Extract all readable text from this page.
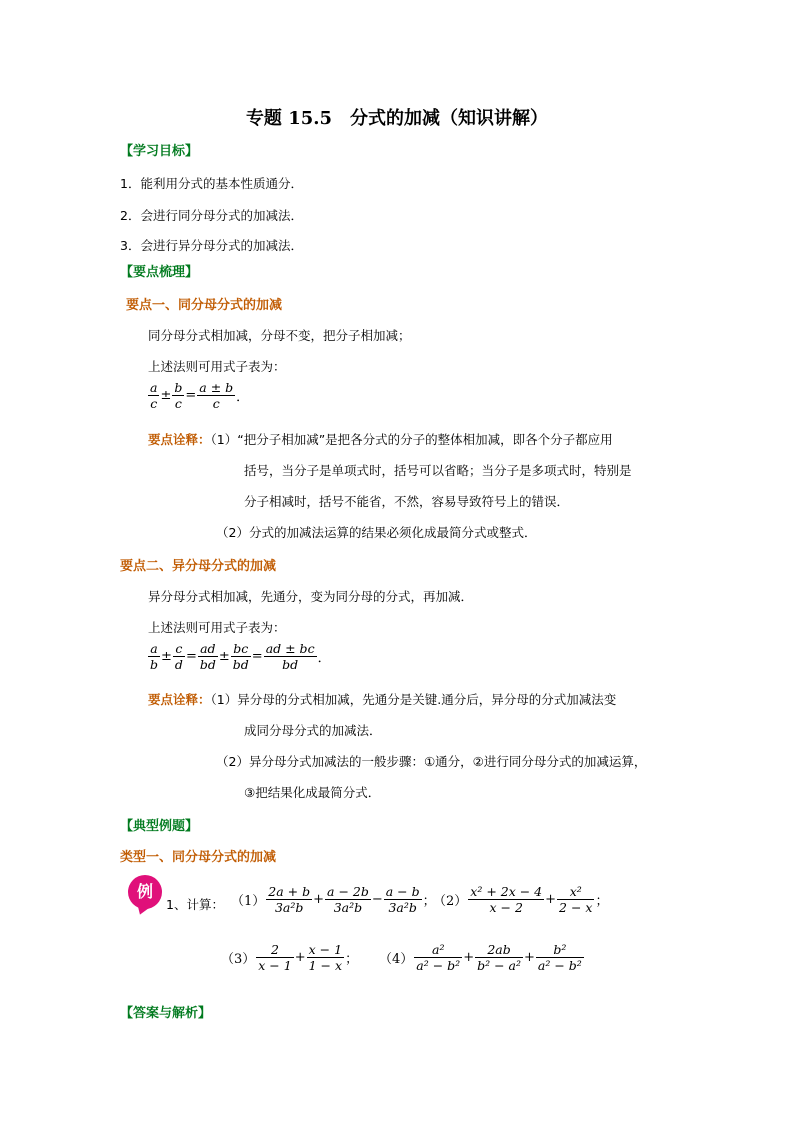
专题 15.5　分式的加减（知识讲解）
【学习目标】
1．能利用分式的基本性质通分．
2．会进行同分母分式的加减法．
3．会进行异分母分式的加减法．
【要点梳理】
要点一、同分母分式的加减
同分母分式相加减，分母不变，把分子相加减；
上述法则可用式子表为：
$\frac{a}{c} \pm \frac{b}{c} = \frac{a \pm b}{c}$ ．
要点诠释：（1）“把分子相加减”是把各分式的分子的整体相加减，即各个分子都应用
括号，当分子是单项式时，括号可以省略；当分子是多项式时，特别是
分子相减时，括号不能省，不然，容易导致符号上的错误．
（2）分式的加减法运算的结果必须化成最简分式或整式．
要点二、异分母分式的加减
异分母分式相加减，先通分，变为同分母的分式，再加减．
上述法则可用式子表为：
$\frac{a}{b} \pm \frac{c}{d} = \frac{ad}{bd} \pm \frac{bc}{bd} = \frac{ad \pm bc}{bd}$ ．
要点诠释：（1）异分母的分式相加减，先通分是关键.通分后，异分母的分式加减法变
成同分母分式的加减法．
（2）异分母分式加减法的一般步骤：①通分，②进行同分母分式的加减运算，
③把结果化成最简分式．
【典型例题】
类型一、同分母分式的加减
例
1、计算： $(1) \frac{2a + b}{\text{3a²b}} + \frac{a - 2b}{\text{3a²b}} - \frac{a - b}{\text{3a²b}}$ ；
$(2) \frac{\text{x² + 2x − 4}}{x - 2} + \frac{\text{x²}}{2 - x}$ ；
$(3) \frac{2}{x - 1} + \frac{x - 1}{1 - x}$ ； $(4) \frac{\text{a²}}{\text{a² − b²}} + \frac{2ab}{\text{b² − a²}} + \frac{\text{b²}}{\text{a² − b²}}$
【答案与解析】
